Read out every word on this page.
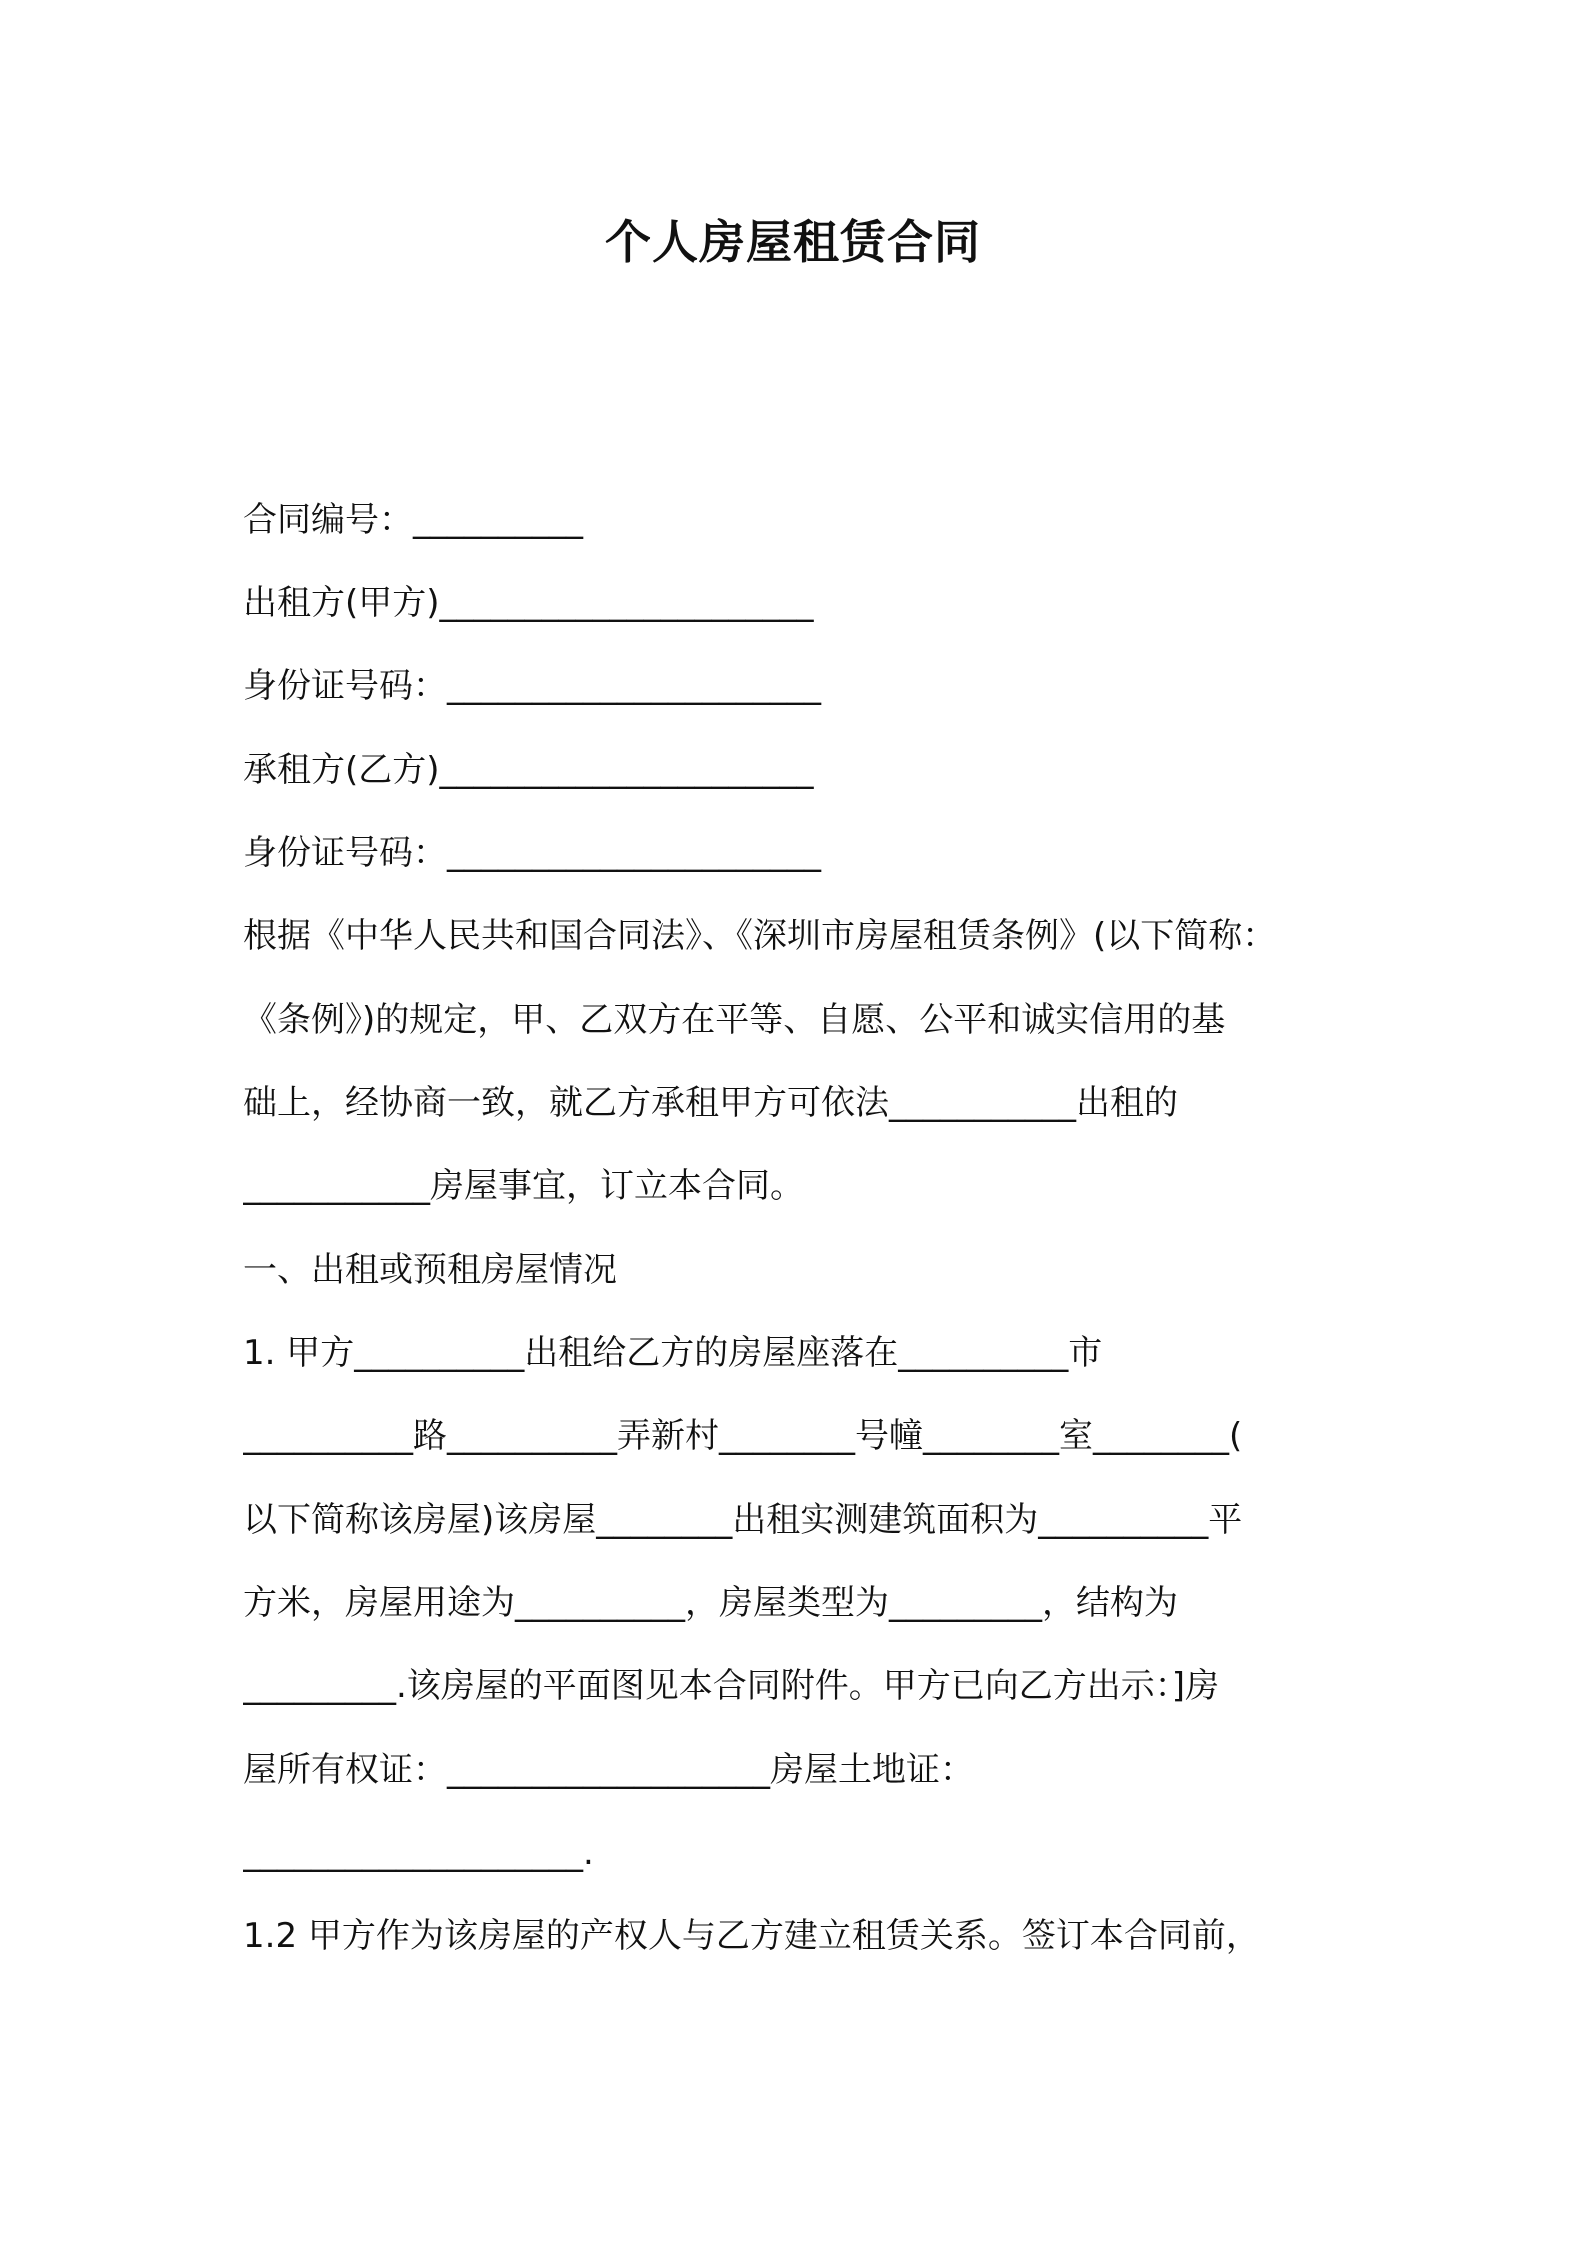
个人房屋租赁合同
合同编号：__________
出租方(甲方)______________________
身份证号码：______________________
承租方(乙方)______________________
身份证号码：______________________
根据《中华人民共和国合同法》、《深圳市房屋租赁条例》(以下简称：
《条例》)的规定，甲、乙双方在平等、自愿、公平和诚实信用的基
础上，经协商一致，就乙方承租甲方可依法___________出租的
___________房屋事宜，订立本合同。
一、出租或预租房屋情况
1. 甲方__________出租给乙方的房屋座落在__________市
__________路__________弄新村________号幢________室________(
以下简称该房屋)该房屋________出租实测建筑面积为__________平
方米，房屋用途为__________，房屋类型为_________，结构为
_________.该房屋的平面图见本合同附件。甲方已向乙方出示：]房
屋所有权证：___________________房屋土地证：
____________________.
1.2 甲方作为该房屋的产权人与乙方建立租赁关系。签订本合同前，
